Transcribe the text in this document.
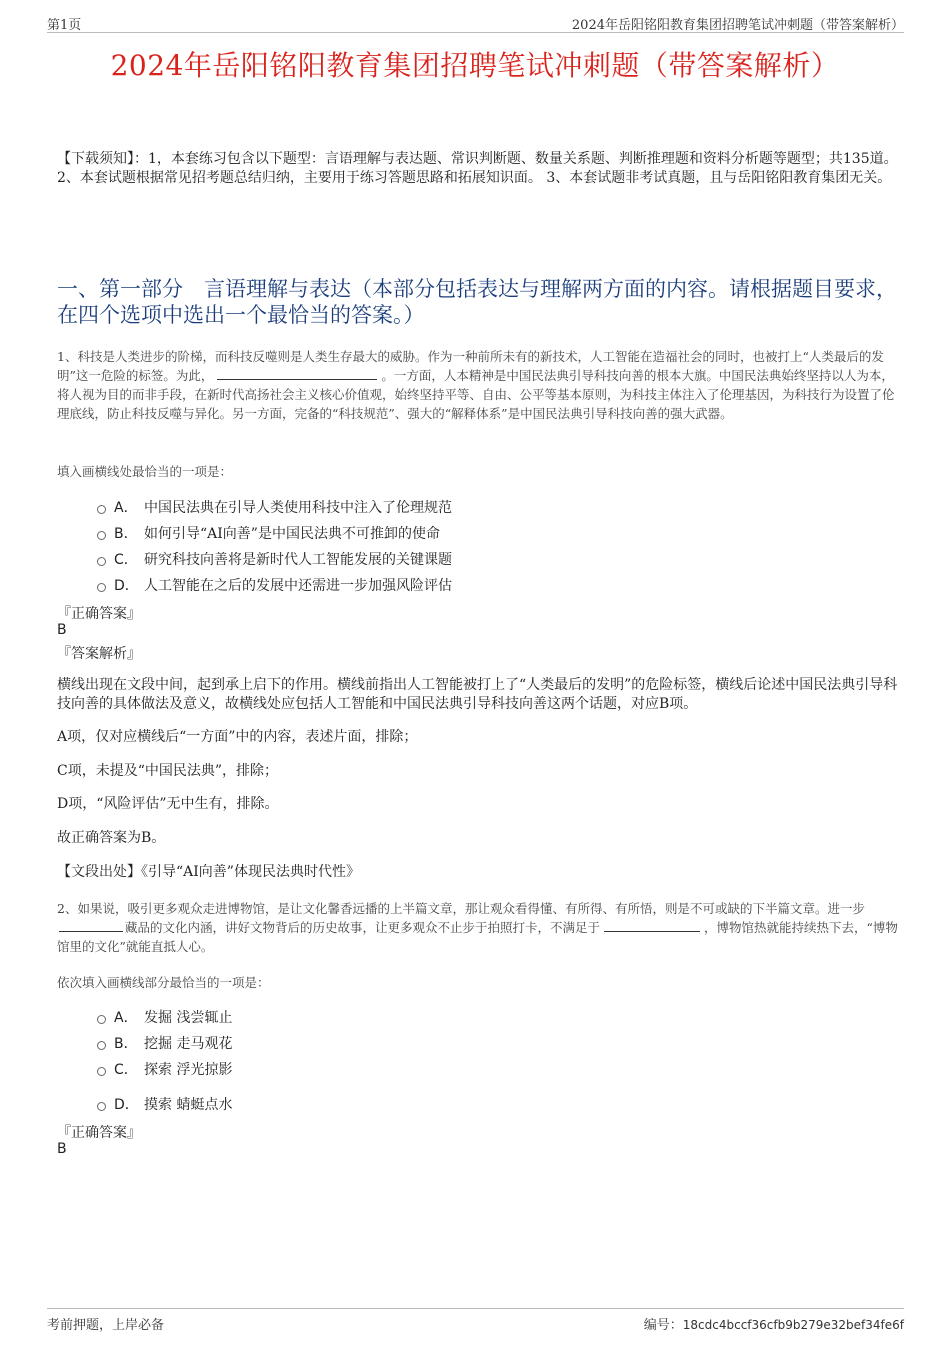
第1页	2024年岳阳铭阳教育集团招聘笔试冲刺题（带答案解析）
2024年岳阳铭阳教育集团招聘笔试冲刺题（带答案解析）
【下载须知】：1，本套练习包含以下题型：言语理解与表达题、常识判断题、数量关系题、判断推理题和资料分析题等题型；共135道。 2、本套试题根据常见招考题总结归纳，主要用于练习答题思路和拓展知识面。 3、本套试题非考试真题，且与岳阳铭阳教育集团无关。
一、第一部分　言语理解与表达（本部分包括表达与理解两方面的内容。请根据题目要求，在四个选项中选出一个最恰当的答案。）
1、科技是人类进步的阶梯，而科技反噬则是人类生存最大的威胁。作为一种前所未有的新技术，人工智能在造福社会的同时，也被打上“人类最后的发明”这一危险的标签。为此，	。一方面，人本精神是中国民法典引导科技向善的根本大旗。中国民法典始终坚持以人为本，将人视为目的而非手段，在新时代高扬社会主义核心价值观，始终坚持平等、自由、公平等基本原则，为科技主体注入了伦理基因，为科技行为设置了伦理底线，防止科技反噬与异化。另一方面，完备的“科技规范”、强大的“解释体系”是中国民法典引导科技向善的强大武器。
填入画横线处最恰当的一项是：
A． 中国民法典在引导人类使用科技中注入了伦理规范
B． 如何引导“AI向善”是中国民法典不可推卸的使命
C． 研究科技向善将是新时代人工智能发展的关键课题
D． 人工智能在之后的发展中还需进一步加强风险评估
『正确答案』
B
『答案解析』
横线出现在文段中间，起到承上启下的作用。横线前指出人工智能被打上了“人类最后的发明”的危险标签，横线后论述中国民法典引导科技向善的具体做法及意义，故横线处应包括人工智能和中国民法典引导科技向善这两个话题，对应B项。
A项，仅对应横线后“一方面”中的内容，表述片面，排除；
C项，未提及“中国民法典”，排除；
D项，“风险评估”无中生有，排除。
故正确答案为B。
【文段出处】《引导“AI向善”体现民法典时代性》
2、如果说，吸引更多观众走进博物馆，是让文化馨香远播的上半篇文章，那让观众看得懂、有所得、有所悟，则是不可或缺的下半篇文章。进一步藏品的文化内涵，讲好文物背后的历史故事，让更多观众不止步于拍照打卡，不满足于	，博物馆热就能持续热下去，“博物馆里的文化”就能直抵人心。
依次填入画横线部分最恰当的一项是：
A． 发掘 浅尝辄止
B． 挖掘 走马观花
C． 探索 浮光掠影
D． 摸索 蜻蜓点水
『正确答案』
B
考前押题，上岸必备	编号：18cdc4bccf36cfb9b279e32bef34fe6f
